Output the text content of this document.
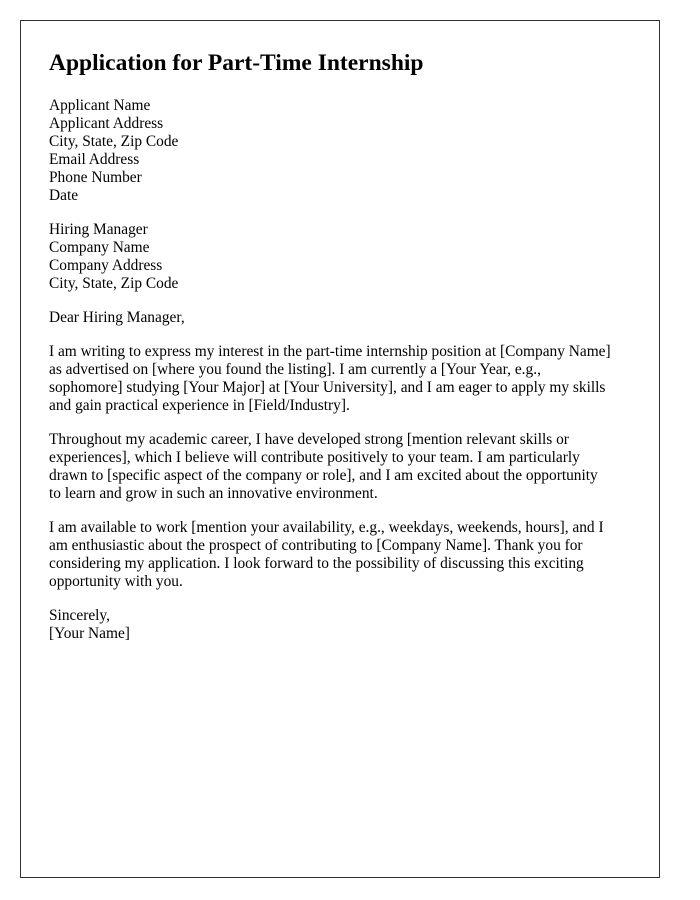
Application for Part-Time Internship
Applicant Name
Applicant Address
City, State, Zip Code
Email Address
Phone Number
Date
Hiring Manager
Company Name
Company Address
City, State, Zip Code
Dear Hiring Manager,
I am writing to express my interest in the part-time internship position at [Company Name]
as advertised on [where you found the listing]. I am currently a [Your Year, e.g.,
sophomore] studying [Your Major] at [Your University], and I am eager to apply my skills
and gain practical experience in [Field/Industry].
Throughout my academic career, I have developed strong [mention relevant skills or
experiences], which I believe will contribute positively to your team. I am particularly
drawn to [specific aspect of the company or role], and I am excited about the opportunity
to learn and grow in such an innovative environment.
I am available to work [mention your availability, e.g., weekdays, weekends, hours], and I
am enthusiastic about the prospect of contributing to [Company Name]. Thank you for
considering my application. I look forward to the possibility of discussing this exciting
opportunity with you.
Sincerely,
[Your Name]
